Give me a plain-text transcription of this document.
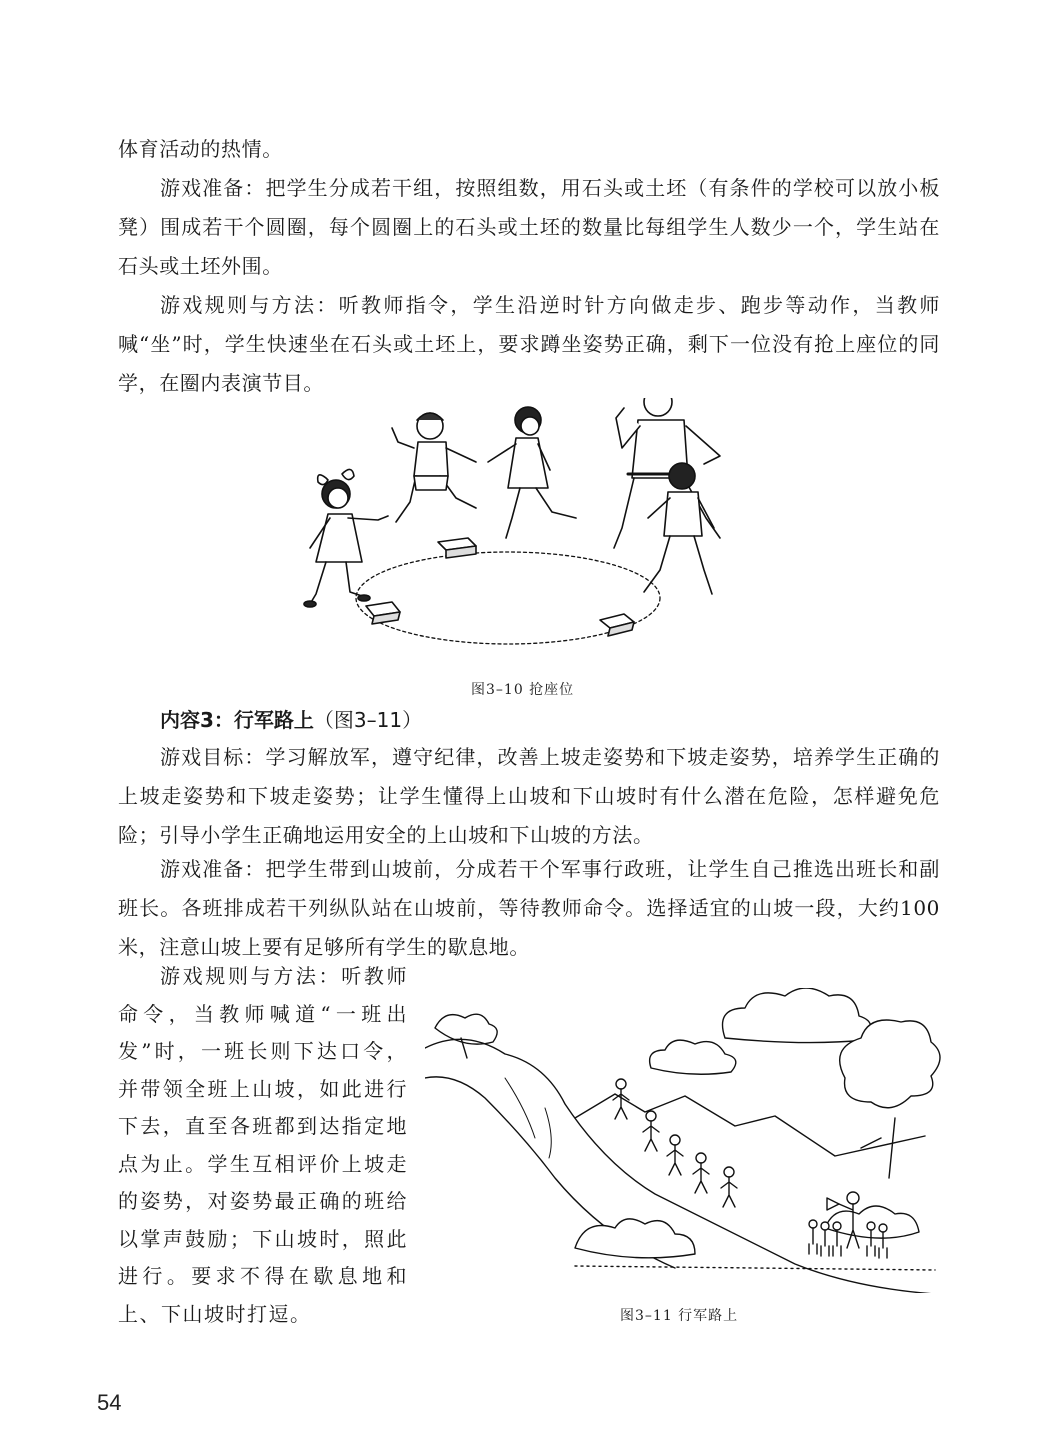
体育活动的热情。

游戏准备：把学生分成若干组，按照组数，用石头或土坯（有条件的学校可以放小板凳）围成若干个圆圈，每个圆圈上的石头或土坯的数量比每组学生人数少一个，学生站在石头或土坯外围。

游戏规则与方法：听教师指令，学生沿逆时针方向做走步、跑步等动作，当教师喊“坐”时，学生快速坐在石头或土坯上，要求蹲坐姿势正确，剩下一位没有抢上座位的同学，在圈内表演节目。

图3–10 抢座位

内容3：行军路上（图3–11）

游戏目标：学习解放军，遵守纪律，改善上坡走姿势和下坡走姿势，培养学生正确的上坡走姿势和下坡走姿势；让学生懂得上山坡和下山坡时有什么潜在危险，怎样避免危险；引导小学生正确地运用安全的上山坡和下山坡的方法。

游戏准备：把学生带到山坡前，分成若干个军事行政班，让学生自己推选出班长和副班长。各班排成若干列纵队站在山坡前，等待教师命令。选择适宜的山坡一段，大约100米，注意山坡上要有足够所有学生的歇息地。

游戏规则与方法：听教师命令，当教师喊道“一班出发”时，一班长则下达口令，并带领全班上山坡，如此进行下去，直至各班都到达指定地点为止。学生互相评价上坡走的姿势，对姿势最正确的班给以掌声鼓励；下山坡时，照此进行。要求不得在歇息地和上、下山坡时打逗。	图3–11 行军路上
54
